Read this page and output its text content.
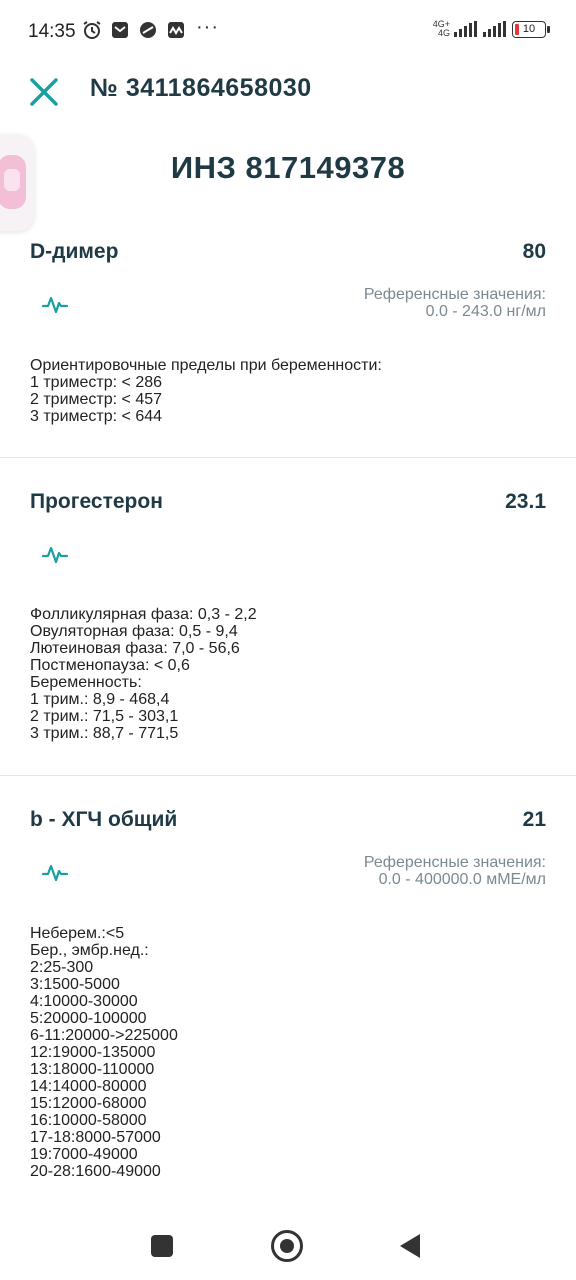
14:35	···	4G+
4G	10
№ 3411864658030
ИНЗ 817149378
D-димер	80
Референсные значения:
0.0 - 243.0 нг/мл
Ориентировочные пределы при беременности:
1 триместр: < 286
2 триместр: < 457
3 триместр: < 644
Прогестерон	23.1
Фолликулярная фаза: 0,3 - 2,2
Овуляторная фаза: 0,5 - 9,4
Лютеиновая фаза: 7,0 - 56,6
Постменопауза: < 0,6
Беременность:
1 трим.: 8,9 - 468,4
2 трим.: 71,5 - 303,1
3 трим.: 88,7 - 771,5
b - ХГЧ общий	21
Референсные значения:
0.0 - 400000.0 мМЕ/мл
Неберем.:<5
Бер., эмбр.нед.:
2:25-300
3:1500-5000
4:10000-30000
5:20000-100000
6-11:20000->225000
12:19000-135000
13:18000-110000
14:14000-80000
15:12000-68000
16:10000-58000
17-18:8000-57000
19:7000-49000
20-28:1600-49000
